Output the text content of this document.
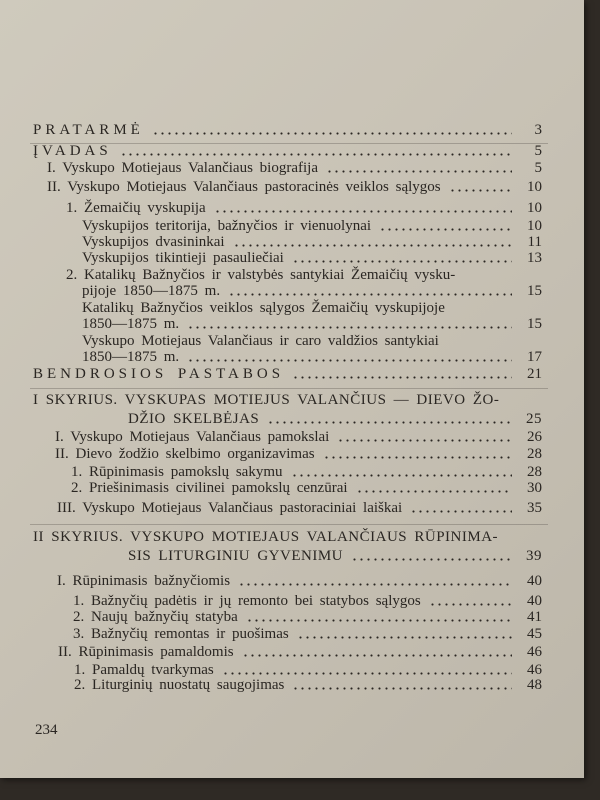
PRATARMĖ	3
ĮVADAS	5
I. Vyskupo Motiejaus Valančiaus biografija	5
II. Vyskupo Motiejaus Valančiaus pastoracinės veiklos sąlygos	10
1. Žemaičių vyskupija	10
Vyskupijos teritorija, bažnyčios ir vienuolynai	10
Vyskupijos dvasininkai	11
Vyskupijos tikintieji pasauliečiai	13
2. Katalikų Bažnyčios ir valstybės santykiai Žemaičių vysku-
pijoje 1850—1875 m.	15
Katalikų Bažnyčios veiklos sąlygos Žemaičių vyskupijoje
1850—1875 m.	15
Vyskupo Motiejaus Valančiaus ir caro valdžios santykiai
1850—1875 m.	17
BENDROSIOS PASTABOS	21
I SKYRIUS. VYSKUPAS MOTIEJUS VALANČIUS — DIEVO ŽO-
DŽIO SKELBĖJAS	25
I. Vyskupo Motiejaus Valančiaus pamokslai	26
II. Dievo žodžio skelbimo organizavimas	28
1. Rūpinimasis pamokslų sakymu	28
2. Priešinimasis civilinei pamokslų cenzūrai	30
III. Vyskupo Motiejaus Valančiaus pastoraciniai laiškai	35
II SKYRIUS. VYSKUPO MOTIEJAUS VALANČIAUS RŪPINIMA-
SIS LITURGINIU GYVENIMU	39
I. Rūpinimasis bažnyčiomis	40
1. Bažnyčių padėtis ir jų remonto bei statybos sąlygos	40
2. Naujų bažnyčių statyba	41
3. Bažnyčių remontas ir puošimas	45
II. Rūpinimasis pamaldomis	46
1. Pamaldų tvarkymas	46
2. Liturginių nuostatų saugojimas	48
234
